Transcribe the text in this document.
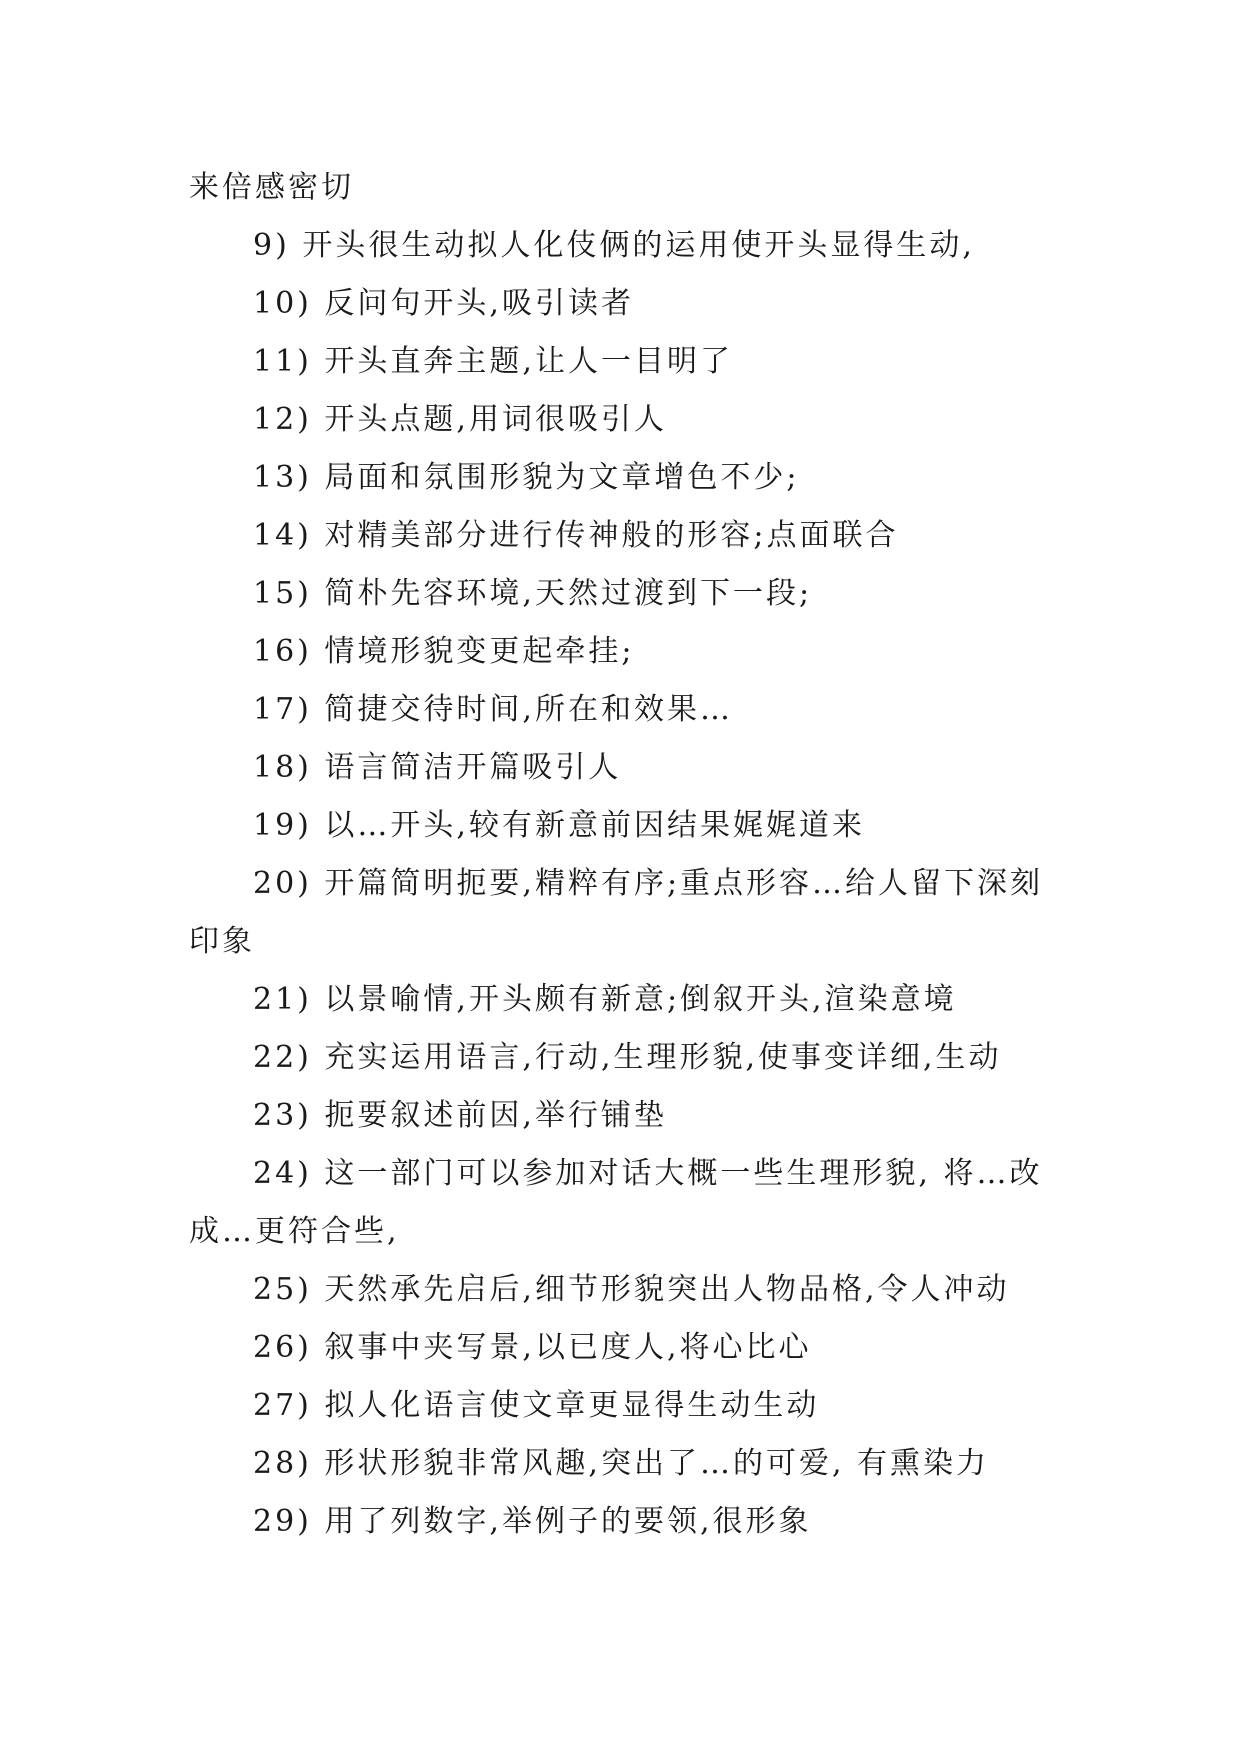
来倍感密切
9) 开头很生动拟人化伎俩的运用使开头显得生动,
10) 反问句开头,吸引读者
11) 开头直奔主题,让人一目明了
12) 开头点题,用词很吸引人
13) 局面和氛围形貌为文章增色不少;
14) 对精美部分进行传神般的形容;点面联合
15) 简朴先容环境,天然过渡到下一段;
16) 情境形貌变更起牵挂;
17) 简捷交待时间,所在和效果…
18) 语言简洁开篇吸引人
19) 以…开头,较有新意前因结果娓娓道来
20) 开篇简明扼要,精粹有序;重点形容…给人留下深刻
印象
21) 以景喻情,开头颇有新意;倒叙开头,渲染意境
22) 充实运用语言,行动,生理形貌,使事变详细,生动
23) 扼要叙述前因,举行铺垫
24) 这一部门可以参加对话大概一些生理形貌, 将…改
成…更符合些,
25) 天然承先启后,细节形貌突出人物品格,令人冲动
26) 叙事中夹写景,以已度人,将心比心
27) 拟人化语言使文章更显得生动生动
28) 形状形貌非常风趣,突出了…的可爱, 有熏染力
29) 用了列数字,举例子的要领,很形象
